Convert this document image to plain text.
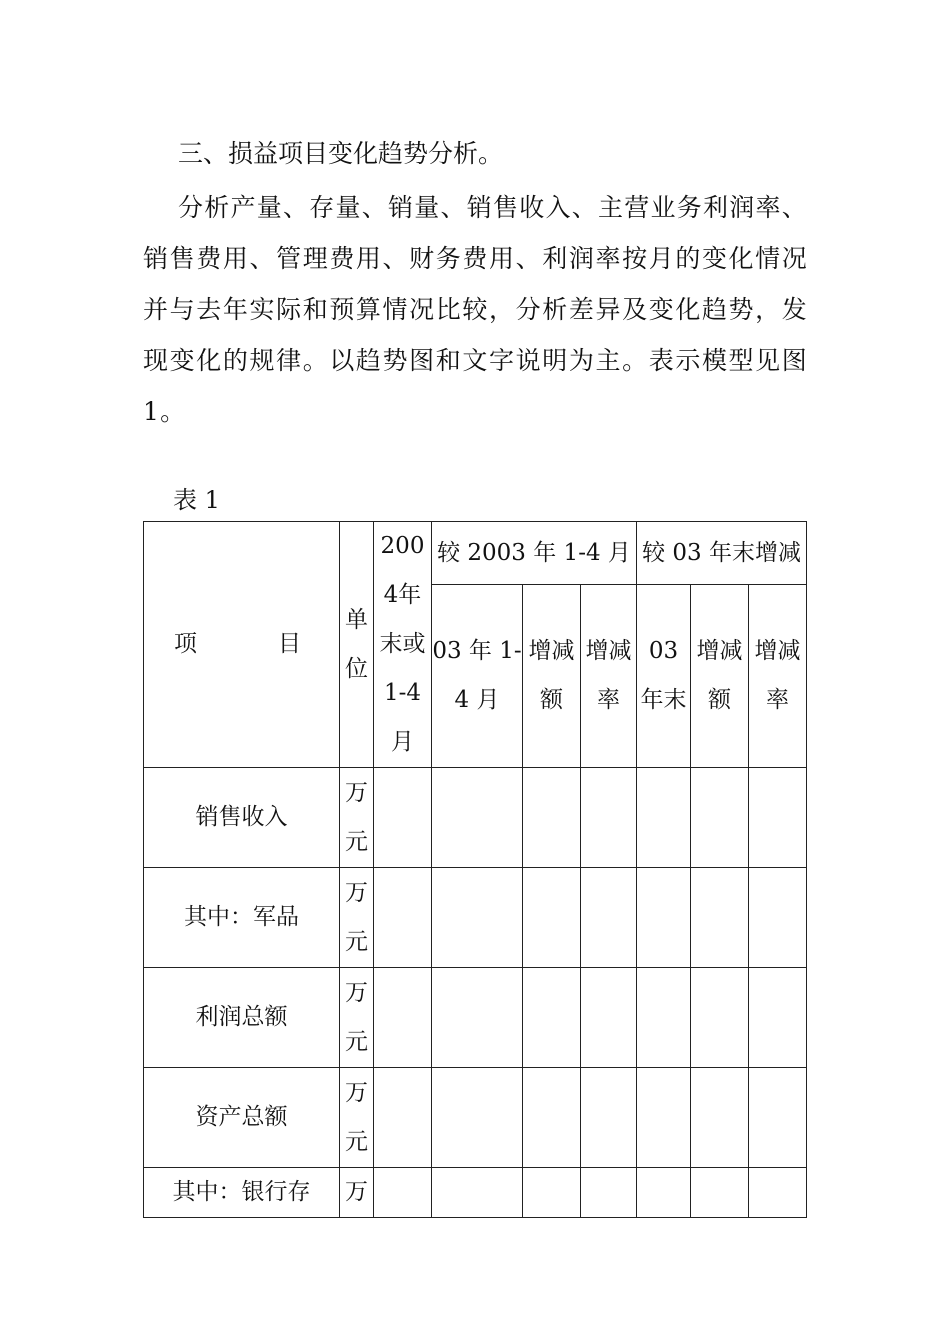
三、损益项目变化趋势分析。

分析产量、存量、销量、销售收入、主营业务利润率、销售费用、管理费用、财务费用、利润率按月的变化情况并与去年实际和预算情况比较，分析差异及变化趋势，发现变化的规律。以趋势图和文字说明为主。表示模型见图1。

表 1
项 目	单位	2004年末或1-4月	较 2003 年 1-4 月			较 03 年末增减		
			03 年 1-4 月	增减额	增减率	03 年末	增减额	增减率
销售收入	万元							
其中：军品	万元							
利润总额	万元							
资产总额	万元							
其中：银行存	万							
